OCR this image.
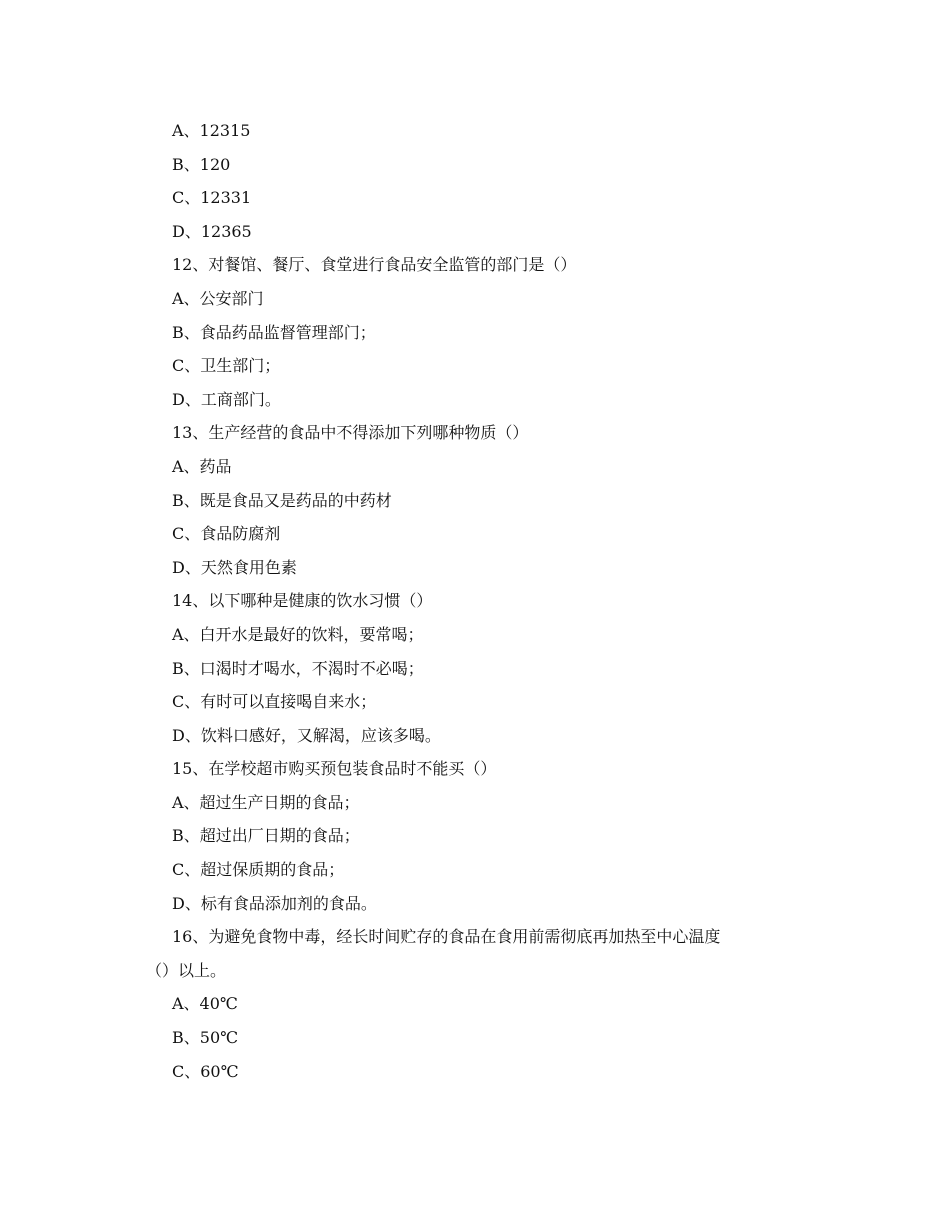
A、12315
B、120
C、12331
D、12365
12、对餐馆、餐厅、食堂进行食品安全监管的部门是（）
A、公安部门
B、食品药品监督管理部门；
C、卫生部门；
D、工商部门。
13、生产经营的食品中不得添加下列哪种物质（）
A、药品
B、既是食品又是药品的中药材
C、食品防腐剂
D、天然食用色素
14、以下哪种是健康的饮水习惯（）
A、白开水是最好的饮料，要常喝；
B、口渴时才喝水，不渴时不必喝；
C、有时可以直接喝自来水；
D、饮料口感好，又解渴，应该多喝。
15、在学校超市购买预包装食品时不能买（）
A、超过生产日期的食品；
B、超过出厂日期的食品；
C、超过保质期的食品；
D、标有食品添加剂的食品。
16、为避免食物中毒，经长时间贮存的食品在食用前需彻底再加热至中心温度
（）以上。
A、40℃
B、50℃
C、60℃
